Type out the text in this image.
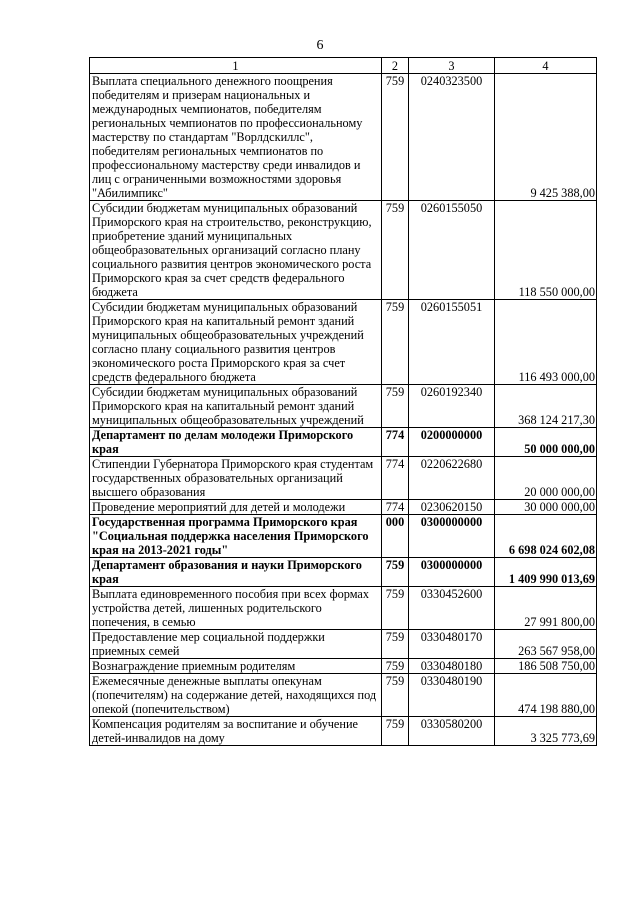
6
1	2	3	4
Выплата специального денежного поощрения победителям и призерам национальных и международных чемпионатов, победителям региональных чемпионатов по профессиональному мастерству по стандартам "Ворлдскиллс", победителям региональных чемпионатов по профессиональному мастерству среди инвалидов и лиц с ограниченными возможностями здоровья "Абилимпикс"	759	0240323500	9 425 388,00
Субсидии бюджетам муниципальных образований Приморского края на строительство, реконструкцию, приобретение зданий муниципальных общеобразовательных организаций согласно плану социального развития центров экономического роста Приморского края за счет средств федерального бюджета	759	0260155050	118 550 000,00
Субсидии бюджетам муниципальных образований Приморского края на капитальный ремонт зданий муниципальных общеобразовательных учреждений согласно плану социального развития центров экономического роста Приморского края за счет средств федерального бюджета	759	0260155051	116 493 000,00
Субсидии бюджетам муниципальных образований Приморского края на капитальный ремонт зданий муниципальных общеобразовательных учреждений	759	0260192340	368 124 217,30
Департамент по делам молодежи Приморского края	774	0200000000	50 000 000,00
Стипендии Губернатора Приморского края студентам государственных образовательных организаций высшего образования	774	0220622680	20 000 000,00
Проведение мероприятий для детей и молодежи	774	0230620150	30 000 000,00
Государственная программа Приморского края "Социальная поддержка населения Приморского края на 2013-2021 годы"	000	0300000000	6 698 024 602,08
Департамент образования и науки Приморского края	759	0300000000	1 409 990 013,69
Выплата единовременного пособия при всех формах устройства детей, лишенных родительского попечения, в семью	759	0330452600	27 991 800,00
Предоставление мер социальной поддержки приемных семей	759	0330480170	263 567 958,00
Вознаграждение приемным родителям	759	0330480180	186 508 750,00
Ежемесячные денежные выплаты опекунам (попечителям) на содержание детей, находящихся под опекой (попечительством)	759	0330480190	474 198 880,00
Компенсация родителям за воспитание и обучение детей-инвалидов на дому	759	0330580200	3 325 773,69
